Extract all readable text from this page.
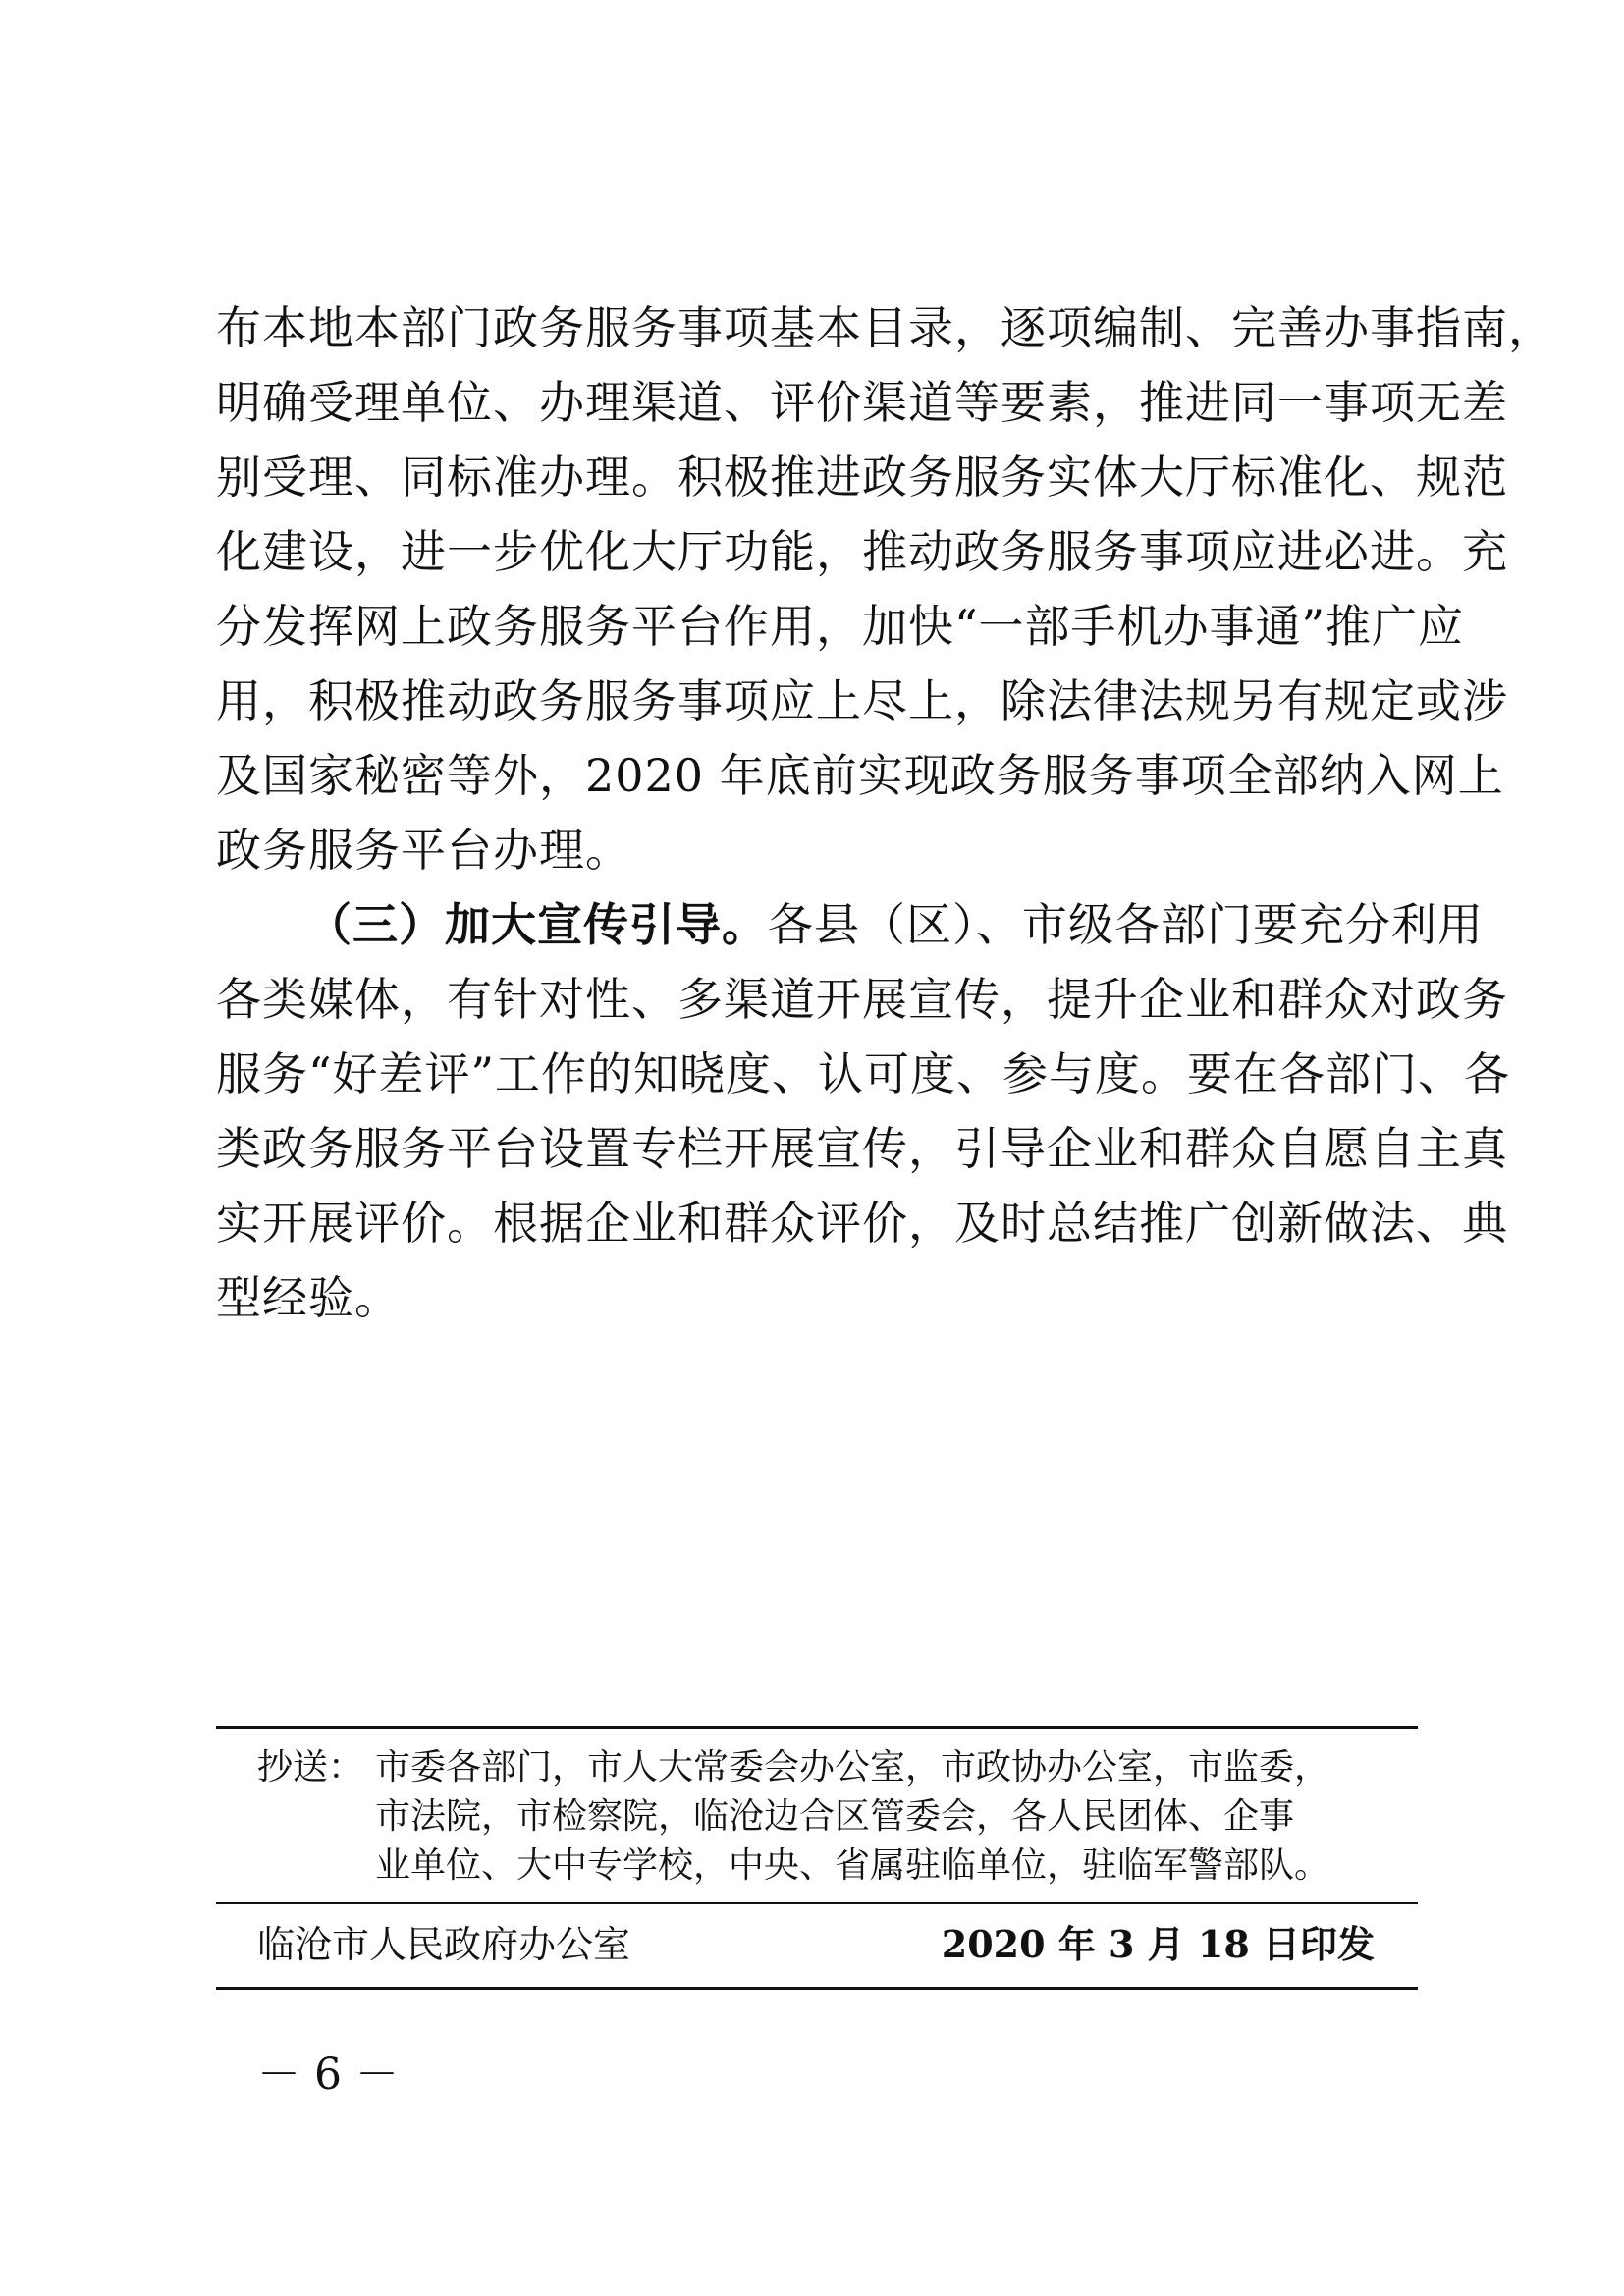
布本地本部门政务服务事项基本目录，逐项编制、完善办事指南，
明确受理单位、办理渠道、评价渠道等要素，推进同一事项无差
别受理、同标准办理。积极推进政务服务实体大厅标准化、规范
化建设，进一步优化大厅功能，推动政务服务事项应进必进。充
分发挥网上政务服务平台作用，加快“一部手机办事通”推广应
用，积极推动政务服务事项应上尽上，除法律法规另有规定或涉
及国家秘密等外，2020 年底前实现政务服务事项全部纳入网上
政务服务平台办理。
（三）加大宣传引导。各县（区）、市级各部门要充分利用
各类媒体，有针对性、多渠道开展宣传，提升企业和群众对政务
服务“好差评”工作的知晓度、认可度、参与度。要在各部门、各
类政务服务平台设置专栏开展宣传，引导企业和群众自愿自主真
实开展评价。根据企业和群众评价，及时总结推广创新做法、典
型经验。
抄送： 市委各部门，市人大常委会办公室，市政协办公室，市监委，
市法院，市检察院，临沧边合区管委会，各人民团体、企事
业单位、大中专学校，中央、省属驻临单位，驻临军警部队。
临沧市人民政府办公室	2020 年 3 月 18 日印发
－ 6 －
